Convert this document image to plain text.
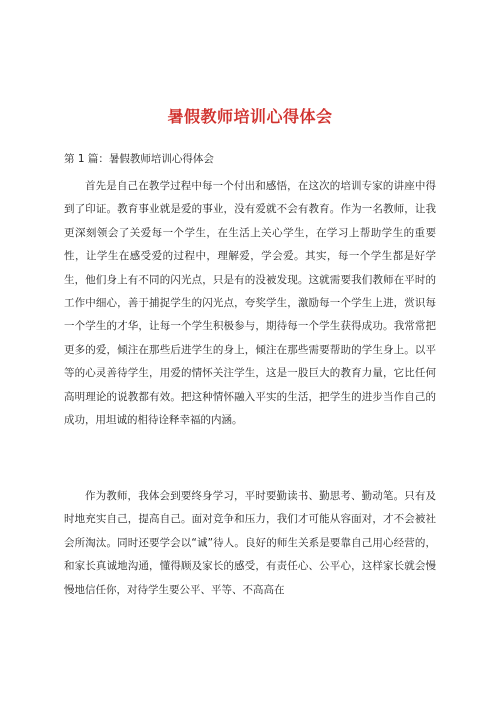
暑假教师培训心得体会

第 1 篇：暑假教师培训心得体会

首先是自己在教学过程中每一个付出和感悟，在这次的培训专家的讲座中得到了印证。教育事业就是爱的事业，没有爱就不会有教育。作为一名教师，让我更深刻领会了关爱每一个学生，在生活上关心学生，在学习上帮助学生的重要性，让学生在感受爱的过程中，理解爱，学会爱。其实，每一个学生都是好学生，他们身上有不同的闪光点，只是有的没被发现。这就需要我们教师在平时的工作中细心，善于捕捉学生的闪光点，夸奖学生，激励每一个学生上进，赏识每一个学生的才华，让每一个学生积极参与，期待每一个学生获得成功。我常常把更多的爱，倾注在那些后进学生的身上，倾注在那些需要帮助的学生身上。以平等的心灵善待学生，用爱的情怀关注学生，这是一股巨大的教育力量，它比任何高明理论的说教都有效。把这种情怀融入平实的生活，把学生的进步当作自己的成功，用坦诚的相待诠释幸福的内涵。

作为教师，我体会到要终身学习，平时要勤读书、勤思考、勤动笔。只有及时地充实自己，提高自己。面对竞争和压力，我们才可能从容面对，才不会被社会所淘汰。同时还要学会以“诚”待人。良好的师生关系是要靠自己用心经营的，和家长真诚地沟通，懂得顾及家长的感受，有责任心、公平心，这样家长就会慢慢地信任你，对待学生要公平、平等、不高高在
